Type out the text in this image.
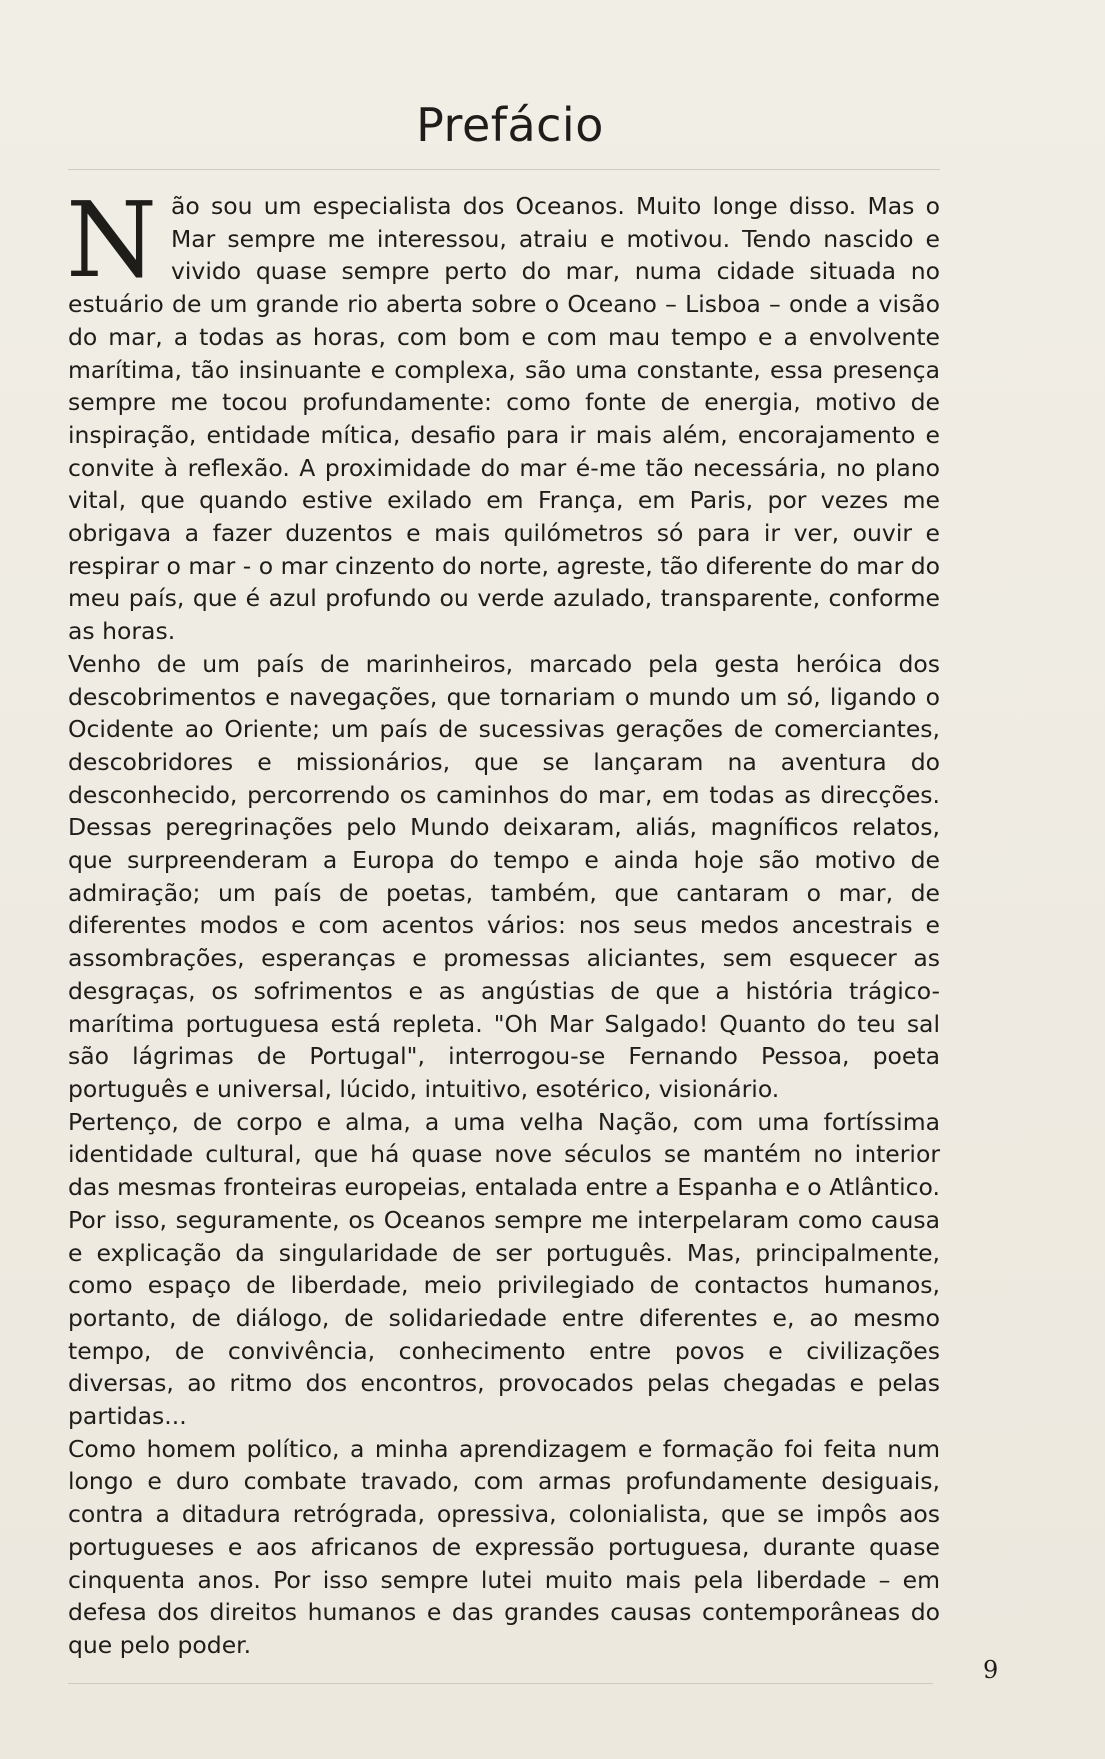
Prefácio

Não sou um especialista dos Oceanos. Muito longe disso. Mas o Mar sempre me interessou, atraiu e motivou. Tendo nascido e vivido quase sempre perto do mar, numa cidade situada no estuário de um grande rio aberta sobre o Oceano – Lisboa – onde a visão do mar, a todas as horas, com bom e com mau tempo e a envolvente marítima, tão insinuante e complexa, são uma constante, essa presença sempre me tocou profundamente: como fonte de energia, motivo de inspiração, entidade mítica, desafio para ir mais além, encorajamento e convite à reflexão. A proximidade do mar é-me tão necessária, no plano vital, que quando estive exilado em França, em Paris, por vezes me obrigava a fazer duzentos e mais quilómetros só para ir ver, ouvir e respirar o mar - o mar cinzento do norte, agreste, tão diferente do mar do meu país, que é azul profundo ou verde azulado, transparente, conforme as horas.

Venho de um país de marinheiros, marcado pela gesta heróica dos descobrimentos e navegações, que tornariam o mundo um só, ligando o Ocidente ao Oriente; um país de sucessivas gerações de comerciantes, descobridores e missionários, que se lançaram na aventura do desconhecido, percorrendo os caminhos do mar, em todas as direcções. Dessas peregrinações pelo Mundo deixaram, aliás, magníficos relatos, que surpreenderam a Europa do tempo e ainda hoje são motivo de admiração; um país de poetas, também, que cantaram o mar, de diferentes modos e com acentos vários: nos seus medos ancestrais e assombrações, esperanças e promessas aliciantes, sem esquecer as desgraças, os sofrimentos e as angústias de que a história trágico-marítima portuguesa está repleta. "Oh Mar Salgado! Quanto do teu sal são lágrimas de Portugal", interrogou-se Fernando Pessoa, poeta português e universal, lúcido, intuitivo, esotérico, visionário.

Pertenço, de corpo e alma, a uma velha Nação, com uma fortíssima identidade cultural, que há quase nove séculos se mantém no interior das mesmas fronteiras europeias, entalada entre a Espanha e o Atlântico. Por isso, seguramente, os Oceanos sempre me interpelaram como causa e explicação da singularidade de ser português. Mas, principalmente, como espaço de liberdade, meio privilegiado de contactos humanos, portanto, de diálogo, de solidariedade entre diferentes e, ao mesmo tempo, de convivência, conhecimento entre povos e civilizações diversas, ao ritmo dos encontros, provocados pelas chegadas e pelas partidas...

Como homem político, a minha aprendizagem e formação foi feita num longo e duro combate travado, com armas profundamente desiguais, contra a ditadura retrógrada, opressiva, colonialista, que se impôs aos portugueses e aos africanos de expressão portuguesa, durante quase cinquenta anos. Por isso sempre lutei muito mais pela liberdade – em defesa dos direitos humanos e das grandes causas contemporâneas do que pelo poder.

9
